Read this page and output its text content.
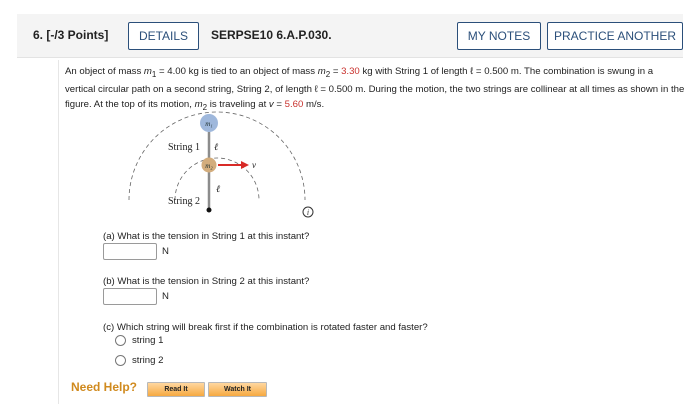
6. [-/3 Points]	DETAILS	SERPSE10 6.A.P.030.	MY NOTES	PRACTICE ANOTHER
An object of mass $m_1 = 4.00$ kg is tied to an object of mass $m_2 = 3.30$ kg with String 1 of length ℓ = 0.500 m. The combination is swung in a vertical circular path on a second string, String 2, of length ℓ = 0.500 m. During the motion, the two strings are collinear at all times as shown in the figure. At the top of its motion, $m_2$ is traveling at v = 5.60 m/s.
m₁
m₂	v⃗
String 1 ℓ
String 2
ℓ
i
(a) What is the tension in String 1 at this instant?
N
(b) What is the tension in String 2 at this instant?
N
(c) Which string will break first if the combination is rotated faster and faster?
string 1
string 2
Need Help?	Read It	Watch It
